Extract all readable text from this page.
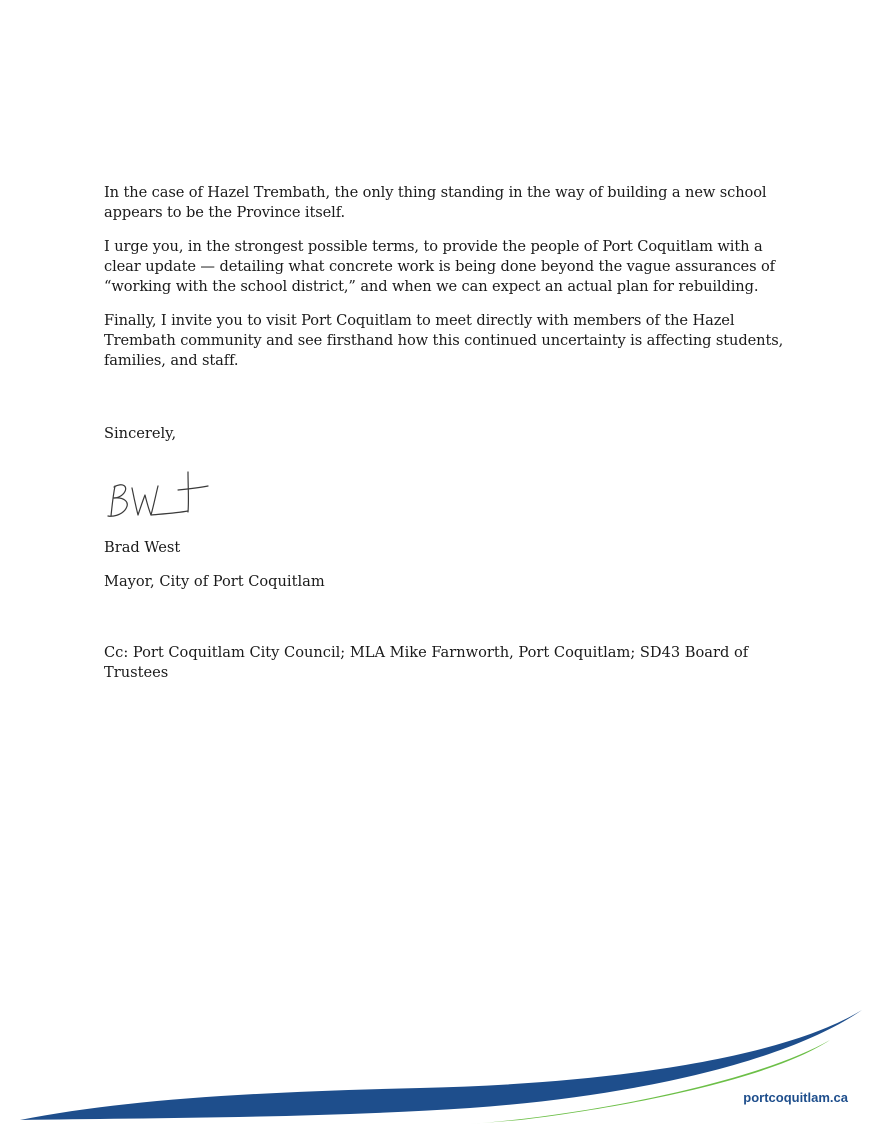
In the case of Hazel Trembath, the only thing standing in the way of building a new school appears to be the Province itself.

I urge you, in the strongest possible terms, to provide the people of Port Coquitlam with a clear update — detailing what concrete work is being done beyond the vague assurances of “working with the school district,” and when we can expect an actual plan for rebuilding.

Finally, I invite you to visit Port Coquitlam to meet directly with members of the Hazel Trembath community and see firsthand how this continued uncertainty is affecting students, families, and staff.

Sincerely,
Brad West
Mayor, City of Port Coquitlam
Cc: Port Coquitlam City Council; MLA Mike Farnworth, Port Coquitlam; SD43 Board of Trustees
portcoquitlam.ca
